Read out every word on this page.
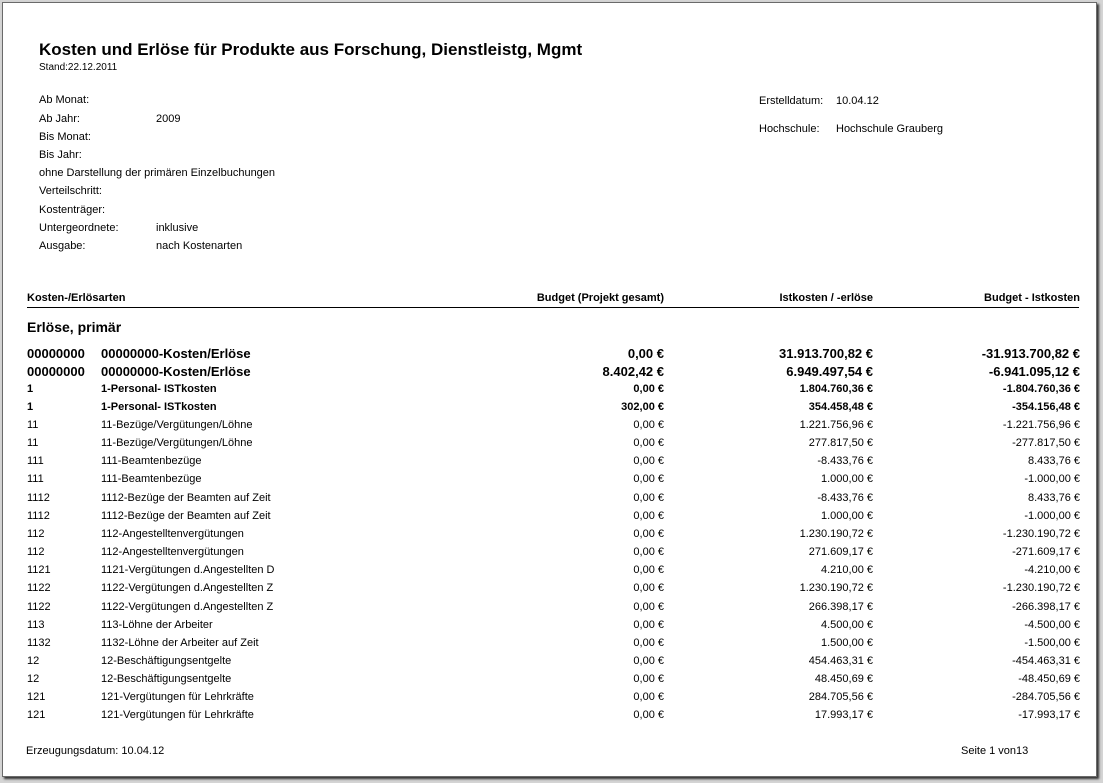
Kosten und Erlöse für Produkte aus Forschung, Dienstleistg, Mgmt
Stand:22.12.2011
Ab Monat:
Ab Jahr:	2009
Bis Monat:
Bis Jahr:
ohne Darstellung der primären Einzelbuchungen
Verteilschritt:
Kostenträger:
Untergeordnete:	inklusive
Ausgabe:	nach Kostenarten
Erstelldatum: 10.04.12
Hochschule: Hochschule Grauberg
Kosten-/Erlösarten	Budget (Projekt gesamt)	Istkosten / -erlöse	Budget - Istkosten
Erlöse, primär
00000000 00000000-Kosten/Erlöse	0,00 €	31.913.700,82 €	-31.913.700,82 €
00000000 00000000-Kosten/Erlöse	8.402,42 €	6.949.497,54 €	-6.941.095,12 €
1	1-Personal- ISTkosten	0,00 €	1.804.760,36 €	-1.804.760,36 €
1	1-Personal- ISTkosten	302,00 €	354.458,48 €	-354.156,48 €
11	11-Bezüge/Vergütungen/Löhne	0,00 €	1.221.756,96 €	-1.221.756,96 €
11	11-Bezüge/Vergütungen/Löhne	0,00 €	277.817,50 €	-277.817,50 €
111	111-Beamtenbezüge	0,00 €	-8.433,76 €	8.433,76 €
111	111-Beamtenbezüge	0,00 €	1.000,00 €	-1.000,00 €
1112	1112-Bezüge der Beamten auf Zeit	0,00 €	-8.433,76 €	8.433,76 €
1112	1112-Bezüge der Beamten auf Zeit	0,00 €	1.000,00 €	-1.000,00 €
112	112-Angestelltenvergütungen	0,00 €	1.230.190,72 €	-1.230.190,72 €
112	112-Angestelltenvergütungen	0,00 €	271.609,17 €	-271.609,17 €
1121	1121-Vergütungen d.Angestellten D	0,00 €	4.210,00 €	-4.210,00 €
1122	1122-Vergütungen d.Angestellten Z	0,00 €	1.230.190,72 €	-1.230.190,72 €
1122	1122-Vergütungen d.Angestellten Z	0,00 €	266.398,17 €	-266.398,17 €
113	113-Löhne der Arbeiter	0,00 €	4.500,00 €	-4.500,00 €
1132	1132-Löhne der Arbeiter auf Zeit	0,00 €	1.500,00 €	-1.500,00 €
12	12-Beschäftigungsentgelte	0,00 €	454.463,31 €	-454.463,31 €
12	12-Beschäftigungsentgelte	0,00 €	48.450,69 €	-48.450,69 €
121	121-Vergütungen für Lehrkräfte	0,00 €	284.705,56 €	-284.705,56 €
121	121-Vergütungen für Lehrkräfte	0,00 €	17.993,17 €	-17.993,17 €
Erzeugungsdatum: 10.04.12	Seite 1 von13
